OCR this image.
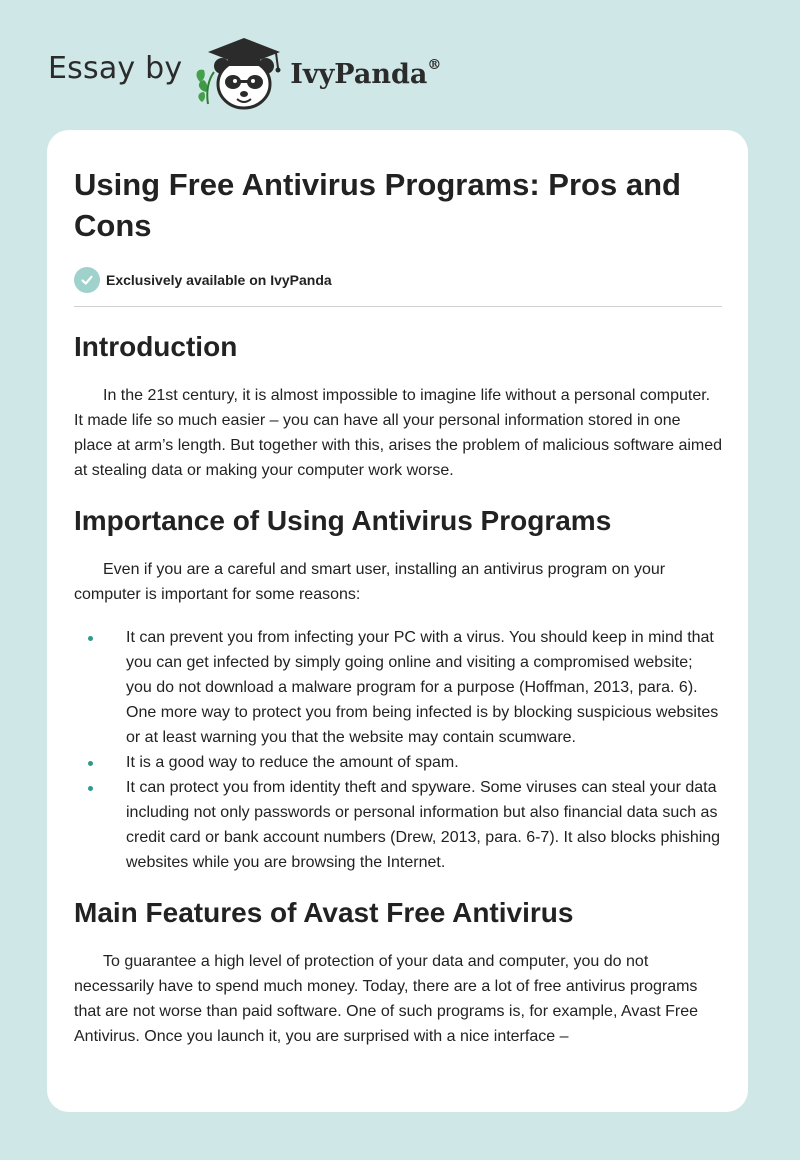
Essay by	IvyPanda®
Using Free Antivirus Programs: Pros and Cons
Exclusively available on IvyPanda
Introduction

In the 21st century, it is almost impossible to imagine life without a personal computer. It made life so much easier – you can have all your personal information stored in one place at arm’s length. But together with this, arises the problem of malicious software aimed at stealing data or making your computer work worse.

Importance of Using Antivirus Programs

Even if you are a careful and smart user, installing an antivirus program on your computer is important for some reasons:

It can prevent you from infecting your PC with a virus. You should keep in mind that you can get infected by simply going online and visiting a compromised website; you do not download a malware program for a purpose (Hoffman, 2013, para. 6). One more way to protect you from being infected is by blocking suspicious websites or at least warning you that the website may contain scumware.
It is a good way to reduce the amount of spam.
It can protect you from identity theft and spyware. Some viruses can steal your data including not only passwords or personal information but also financial data such as credit card or bank account numbers (Drew, 2013, para. 6-7). It also blocks phishing websites while you are browsing the Internet.
Main Features of Avast Free Antivirus

To guarantee a high level of protection of your data and computer, you do not necessarily have to spend much money. Today, there are a lot of free antivirus programs that are not worse than paid software. One of such programs is, for example, Avast Free Antivirus. Once you launch it, you are surprised with a nice interface –
